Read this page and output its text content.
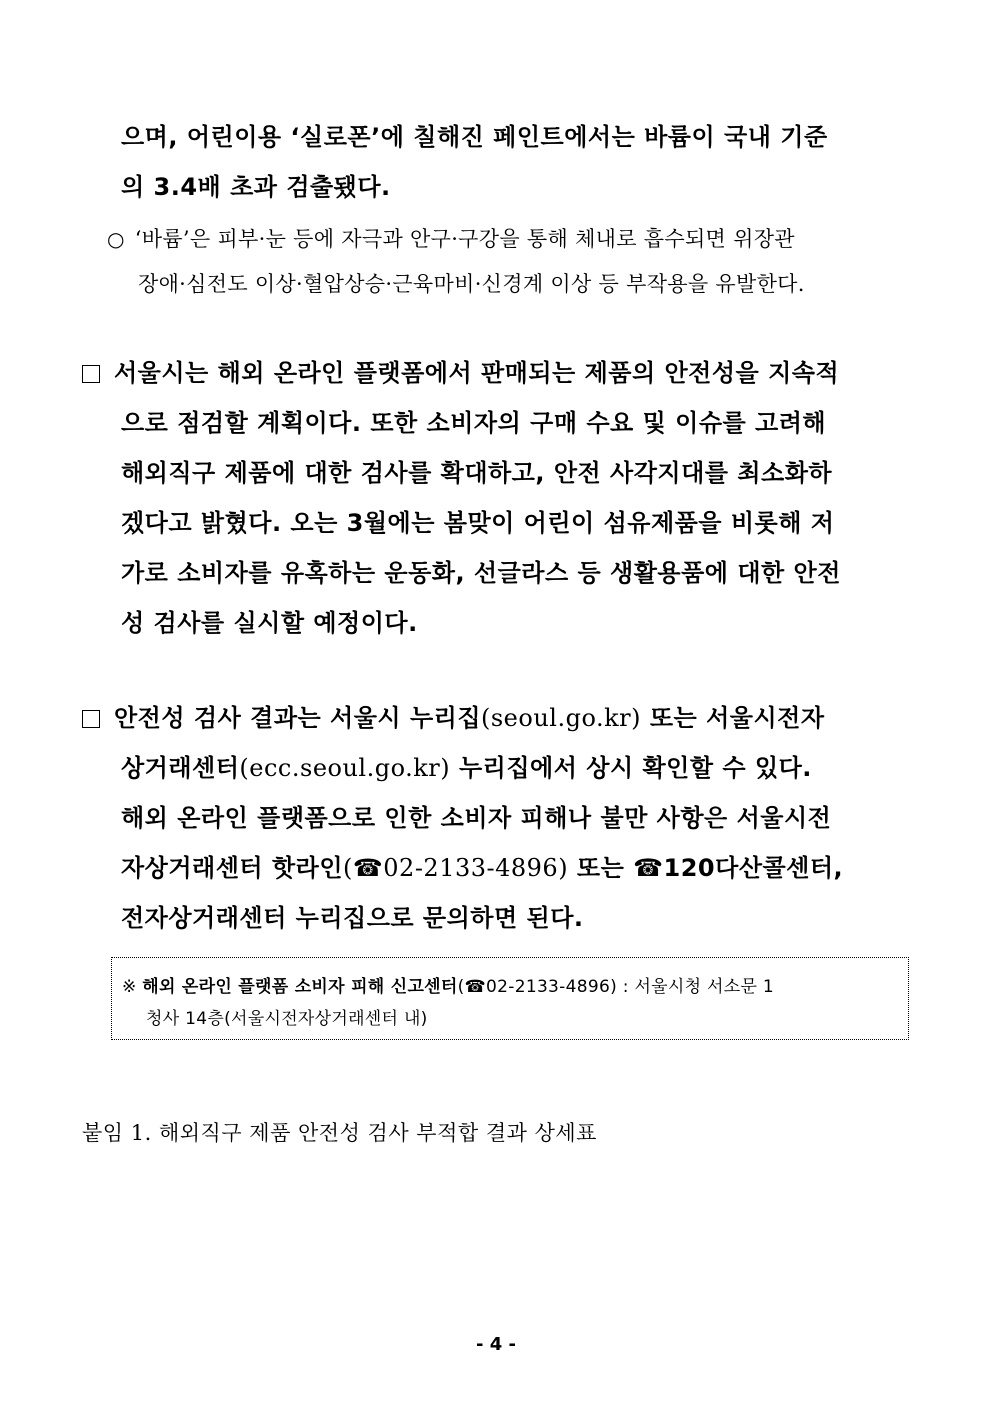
으며, 어린이용 ‘실로폰’에 칠해진 페인트에서는 바륨이 국내 기준
의 3.4배 초과 검출됐다.
○ ‘바륨’은 피부·눈 등에 자극과 안구·구강을 통해 체내로 흡수되면 위장관
장애·심전도 이상·혈압상승·근육마비·신경계 이상 등 부작용을 유발한다.
서울시는 해외 온라인 플랫폼에서 판매되는 제품의 안전성을 지속적
으로 점검할 계획이다. 또한 소비자의 구매 수요 및 이슈를 고려해
해외직구 제품에 대한 검사를 확대하고, 안전 사각지대를 최소화하
겠다고 밝혔다. 오는 3월에는 봄맞이 어린이 섬유제품을 비롯해 저
가로 소비자를 유혹하는 운동화, 선글라스 등 생활용품에 대한 안전
성 검사를 실시할 예정이다.
안전성 검사 결과는 서울시 누리집(seoul.go.kr) 또는 서울시전자
상거래센터(ecc.seoul.go.kr) 누리집에서 상시 확인할 수 있다.
해외 온라인 플랫폼으로 인한 소비자 피해나 불만 사항은 서울시전
자상거래센터 핫라인(☎02-2133-4896) 또는 ☎120다산콜센터,
전자상거래센터 누리집으로 문의하면 된다.
※ 해외 온라인 플랫폼 소비자 피해 신고센터(☎02-2133-4896) : 서울시청 서소문 1
청사 14층(서울시전자상거래센터 내)
붙임 1. 해외직구 제품 안전성 검사 부적합 결과 상세표
- 4 -
